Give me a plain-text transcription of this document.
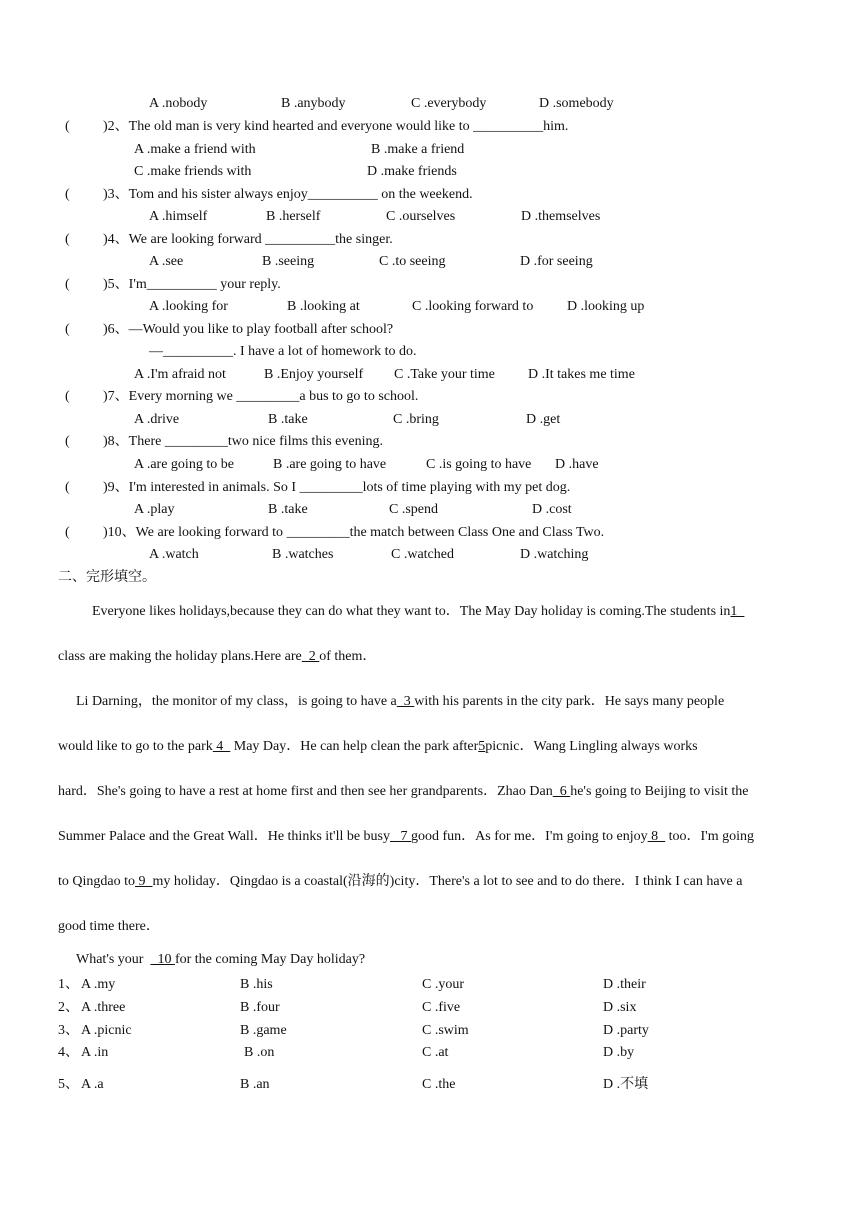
A .nobody	B .anybody	C .everybody	D .somebody
( )2、The old man is very kind hearted and everyone would like to __________him.
A .make a friend with	B .make a friend
C .make friends with	D .make friends
( )3、Tom and his sister always enjoy__________ on the weekend.
A .himself	B .herself	C .ourselves	D .themselves
( )4、We are looking forward __________the singer.
A .see	B .seeing	C .to seeing	D .for seeing
( )5、I'm__________ your reply.
A .looking for	B .looking at	C .looking forward to D .looking up
( )6、—Would you like to play football after school?
—__________. I have a lot of homework to do.
A .I'm afraid not	B .Enjoy yourself C .Take your time D .It takes me time
( )7、Every morning we _________a bus to go to school.
A .drive	B .take	C .bring	D .get
( )8、There _________two nice films this evening.
A .are going to be	B .are going to have	C .is going to have D .have
( )9、I'm interested in animals. So I _________lots of time playing with my pet dog.
A .play	B .take	C .spend	D .cost
( )10、We are looking forward to _________the match between Class One and Class Two.
A .watch	B .watches	C .watched	D .watching
二、完形填空。
Everyone likes holidays,because they can do what they want to．The May Day holiday is coming.The students in1
class are making the holiday plans.Here are  2 of them．
Li Darning，the monitor of my class，is going to have a  3 with his parents in the city park．He says many people
would like to go to the park 4   May Day．He can help clean the park after5picnic．Wang Lingling always works
hard．She's going to have a rest at home first and then see her grandparents．Zhao Dan  6 he's going to Beijing to visit the
Summer Palace and the Great Wall．He thinks it'll be busy   7 good fun．As for me．I'm going to enjoy 8   too．I'm going
to Qingdao to 9  my holiday．Qingdao is a coastal(沿海的)city．There's a lot to see and to do there．I think I can have a
good time there．
What's your    10 for the coming May Day holiday?
1、 A .my	B .his	C .your	D .their
2、 A .three	B .four	C .five	D .six
3、 A .picnic	B .game	C .swim	D .party
4、 A .in	B .on	C .at	D .by
5、 A .a	B .an	C .the	D .不填
